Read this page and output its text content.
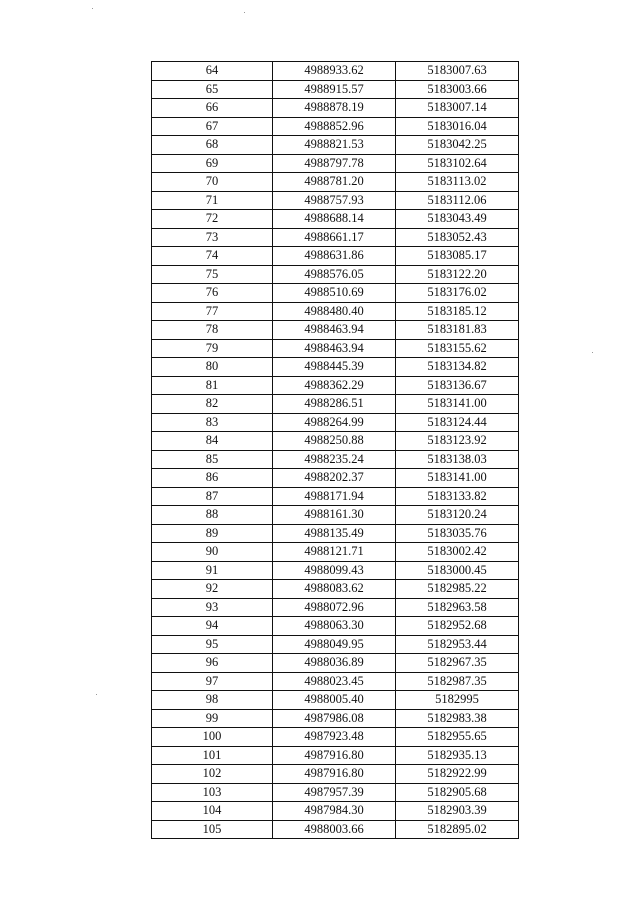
64	4988933.62	5183007.63
65	4988915.57	5183003.66
66	4988878.19	5183007.14
67	4988852.96	5183016.04
68	4988821.53	5183042.25
69	4988797.78	5183102.64
70	4988781.20	5183113.02
71	4988757.93	5183112.06
72	4988688.14	5183043.49
73	4988661.17	5183052.43
74	4988631.86	5183085.17
75	4988576.05	5183122.20
76	4988510.69	5183176.02
77	4988480.40	5183185.12
78	4988463.94	5183181.83
79	4988463.94	5183155.62
80	4988445.39	5183134.82
81	4988362.29	5183136.67
82	4988286.51	5183141.00
83	4988264.99	5183124.44
84	4988250.88	5183123.92
85	4988235.24	5183138.03
86	4988202.37	5183141.00
87	4988171.94	5183133.82
88	4988161.30	5183120.24
89	4988135.49	5183035.76
90	4988121.71	5183002.42
91	4988099.43	5183000.45
92	4988083.62	5182985.22
93	4988072.96	5182963.58
94	4988063.30	5182952.68
95	4988049.95	5182953.44
96	4988036.89	5182967.35
97	4988023.45	5182987.35
98	4988005.40	5182995
99	4987986.08	5182983.38
100	4987923.48	5182955.65
101	4987916.80	5182935.13
102	4987916.80	5182922.99
103	4987957.39	5182905.68
104	4987984.30	5182903.39
105	4988003.66	5182895.02
